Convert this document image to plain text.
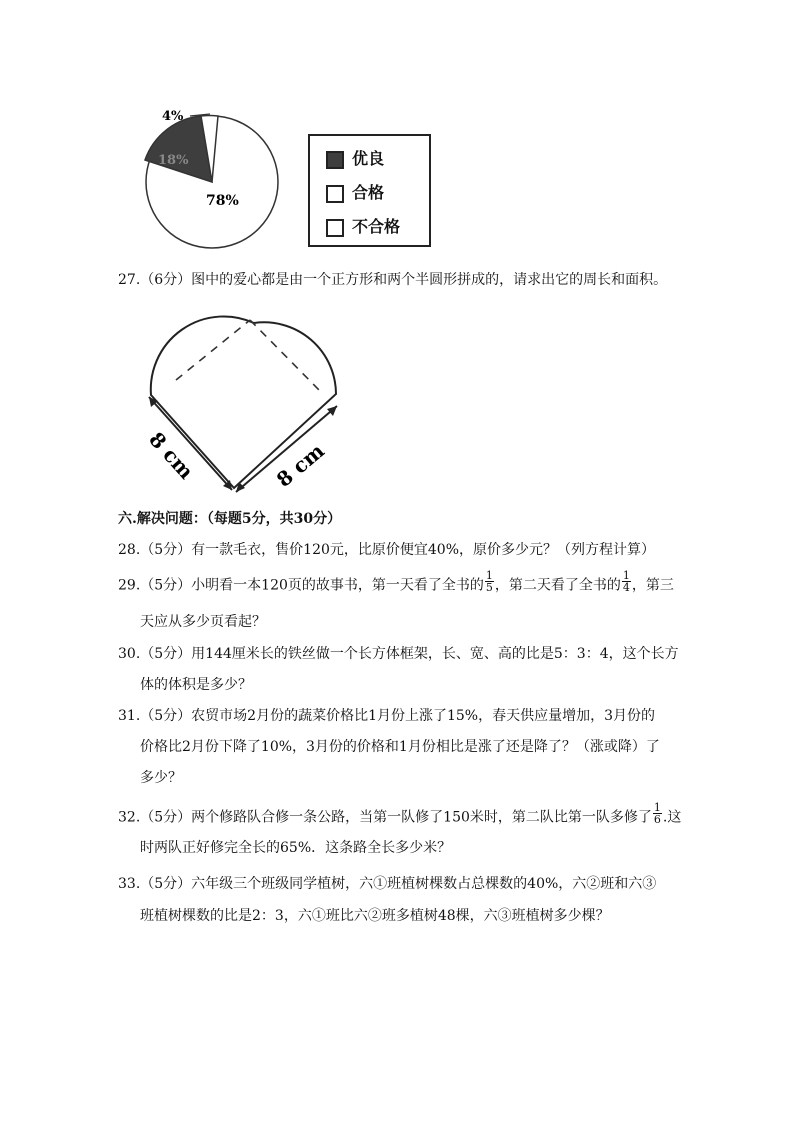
4%
18%
78%
优良
合格
不合格
27.（6分）图中的爱心都是由一个正方形和两个半圆形拼成的，请求出它的周长和面积。
8 cm	8 cm
六.解决问题：（每题5分，共30分）
28.（5分）有一款毛衣，售价120元，比原价便宜40%，原价多少元？（列方程计算）
29.（5分）小明看一本120页的故事书，第一天看了全书的 $\frac{1}{5}$ ，第二天看了全书的 $\frac{1}{4}$ ，第三
天应从多少页看起？
30.（5分）用144厘米长的铁丝做一个长方体框架，长、宽、高的比是5：3：4，这个长方
体的体积是多少？
31.（5分）农贸市场2月份的蔬菜价格比1月份上涨了15%，春天供应量增加，3月份的
价格比2月份下降了10%，3月份的价格和1月份相比是涨了还是降了？（涨或降）了
多少？
32.（5分）两个修路队合修一条公路，当第一队修了150米时，第二队比第一队多修了 $\frac{1}{6}$ .这
时两队正好修完全长的65%．这条路全长多少米？
33.（5分）六年级三个班级同学植树，六①班植树棵数占总棵数的40%，六②班和六③
班植树棵数的比是2：3，六①班比六②班多植树48棵，六③班植树多少棵？
